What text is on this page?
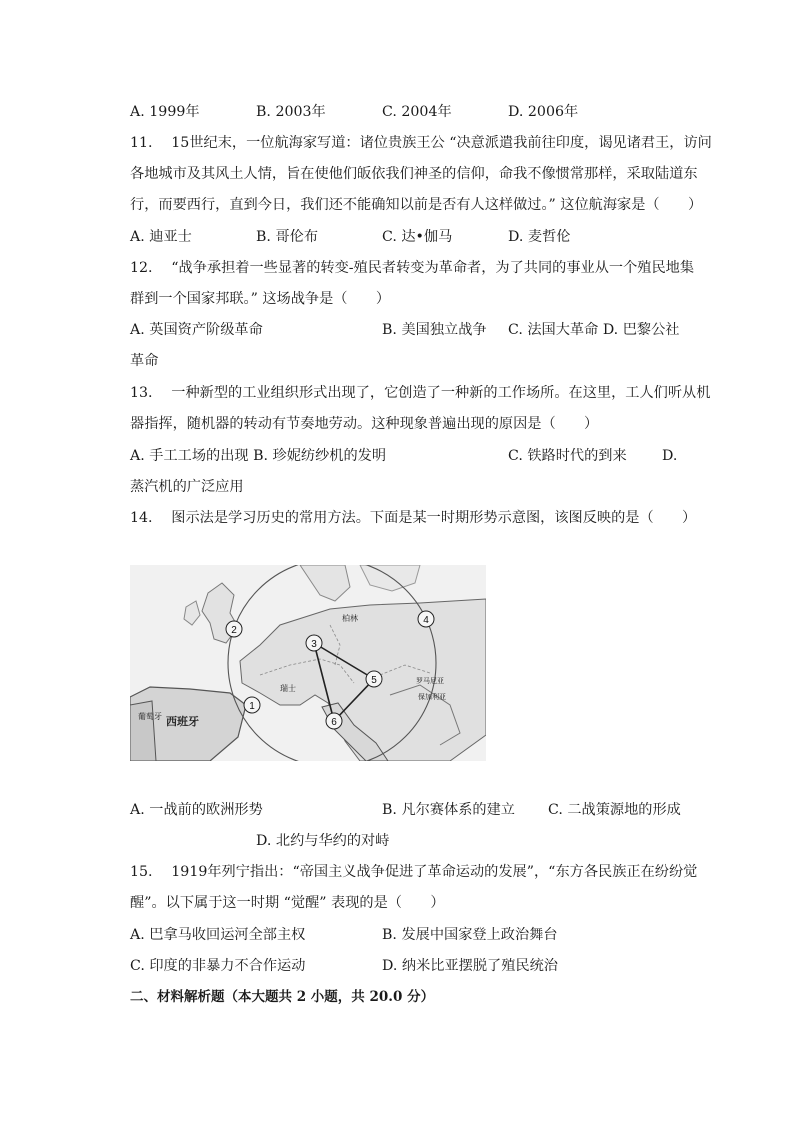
A. 1999年	B. 2003年	C. 2004年	D. 2006年
11.　 15世纪末，一位航海家写道：诸位贵族王公 “决意派遣我前往印度，谒见诸君王，访问
各地城市及其风土人情，旨在使他们皈依我们神圣的信仰，命我不像惯常那样，采取陆道东
行，而要西行，直到今日，我们还不能确知以前是否有人这样做过。” 这位航海家是（　　）
A. 迪亚士	B. 哥伦布	C. 达•伽马	D. 麦哲伦
12.　 “战争承担着一些显著的转变-殖民者转变为革命者，为了共同的事业从一个殖民地集
群到一个国家邦联。” 这场战争是（　　）
A. 英国资产阶级革命	B. 美国独立战争 C. 法国大革命 D. 巴黎公社
革命
13.　 一种新型的工业组织形式出现了，它创造了一种新的工作场所。在这里，工人们听从机
器指挥，随机器的转动有节奏地劳动。这种现象普遍出现的原因是（　　）
A. 手工工场的出现 B. 珍妮纺纱机的发明	C. 铁路时代的到来 D.
蒸汽机的广泛应用
14.　 图示法是学习历史的常用方法。下面是某一时期形势示意图，该图反映的是（　　）
1
2
3
4
5
6
柏林
西班牙
葡萄牙
瑞士
罗马尼亚
保加利亚
A. 一战前的欧洲形势	B. 凡尔赛体系的建立 C. 二战策源地的形成
D. 北约与华约的对峙
15.　 1919年列宁指出：“帝国主义战争促进了革命运动的发展”，“东方各民族正在纷纷觉
醒”。以下属于这一时期 “觉醒” 表现的是（　　）
A. 巴拿马收回运河全部主权	B. 发展中国家登上政治舞台
C. 印度的非暴力不合作运动	D. 纳米比亚摆脱了殖民统治
二、材料解析题（本大题共 2 小题，共 20.0 分）
